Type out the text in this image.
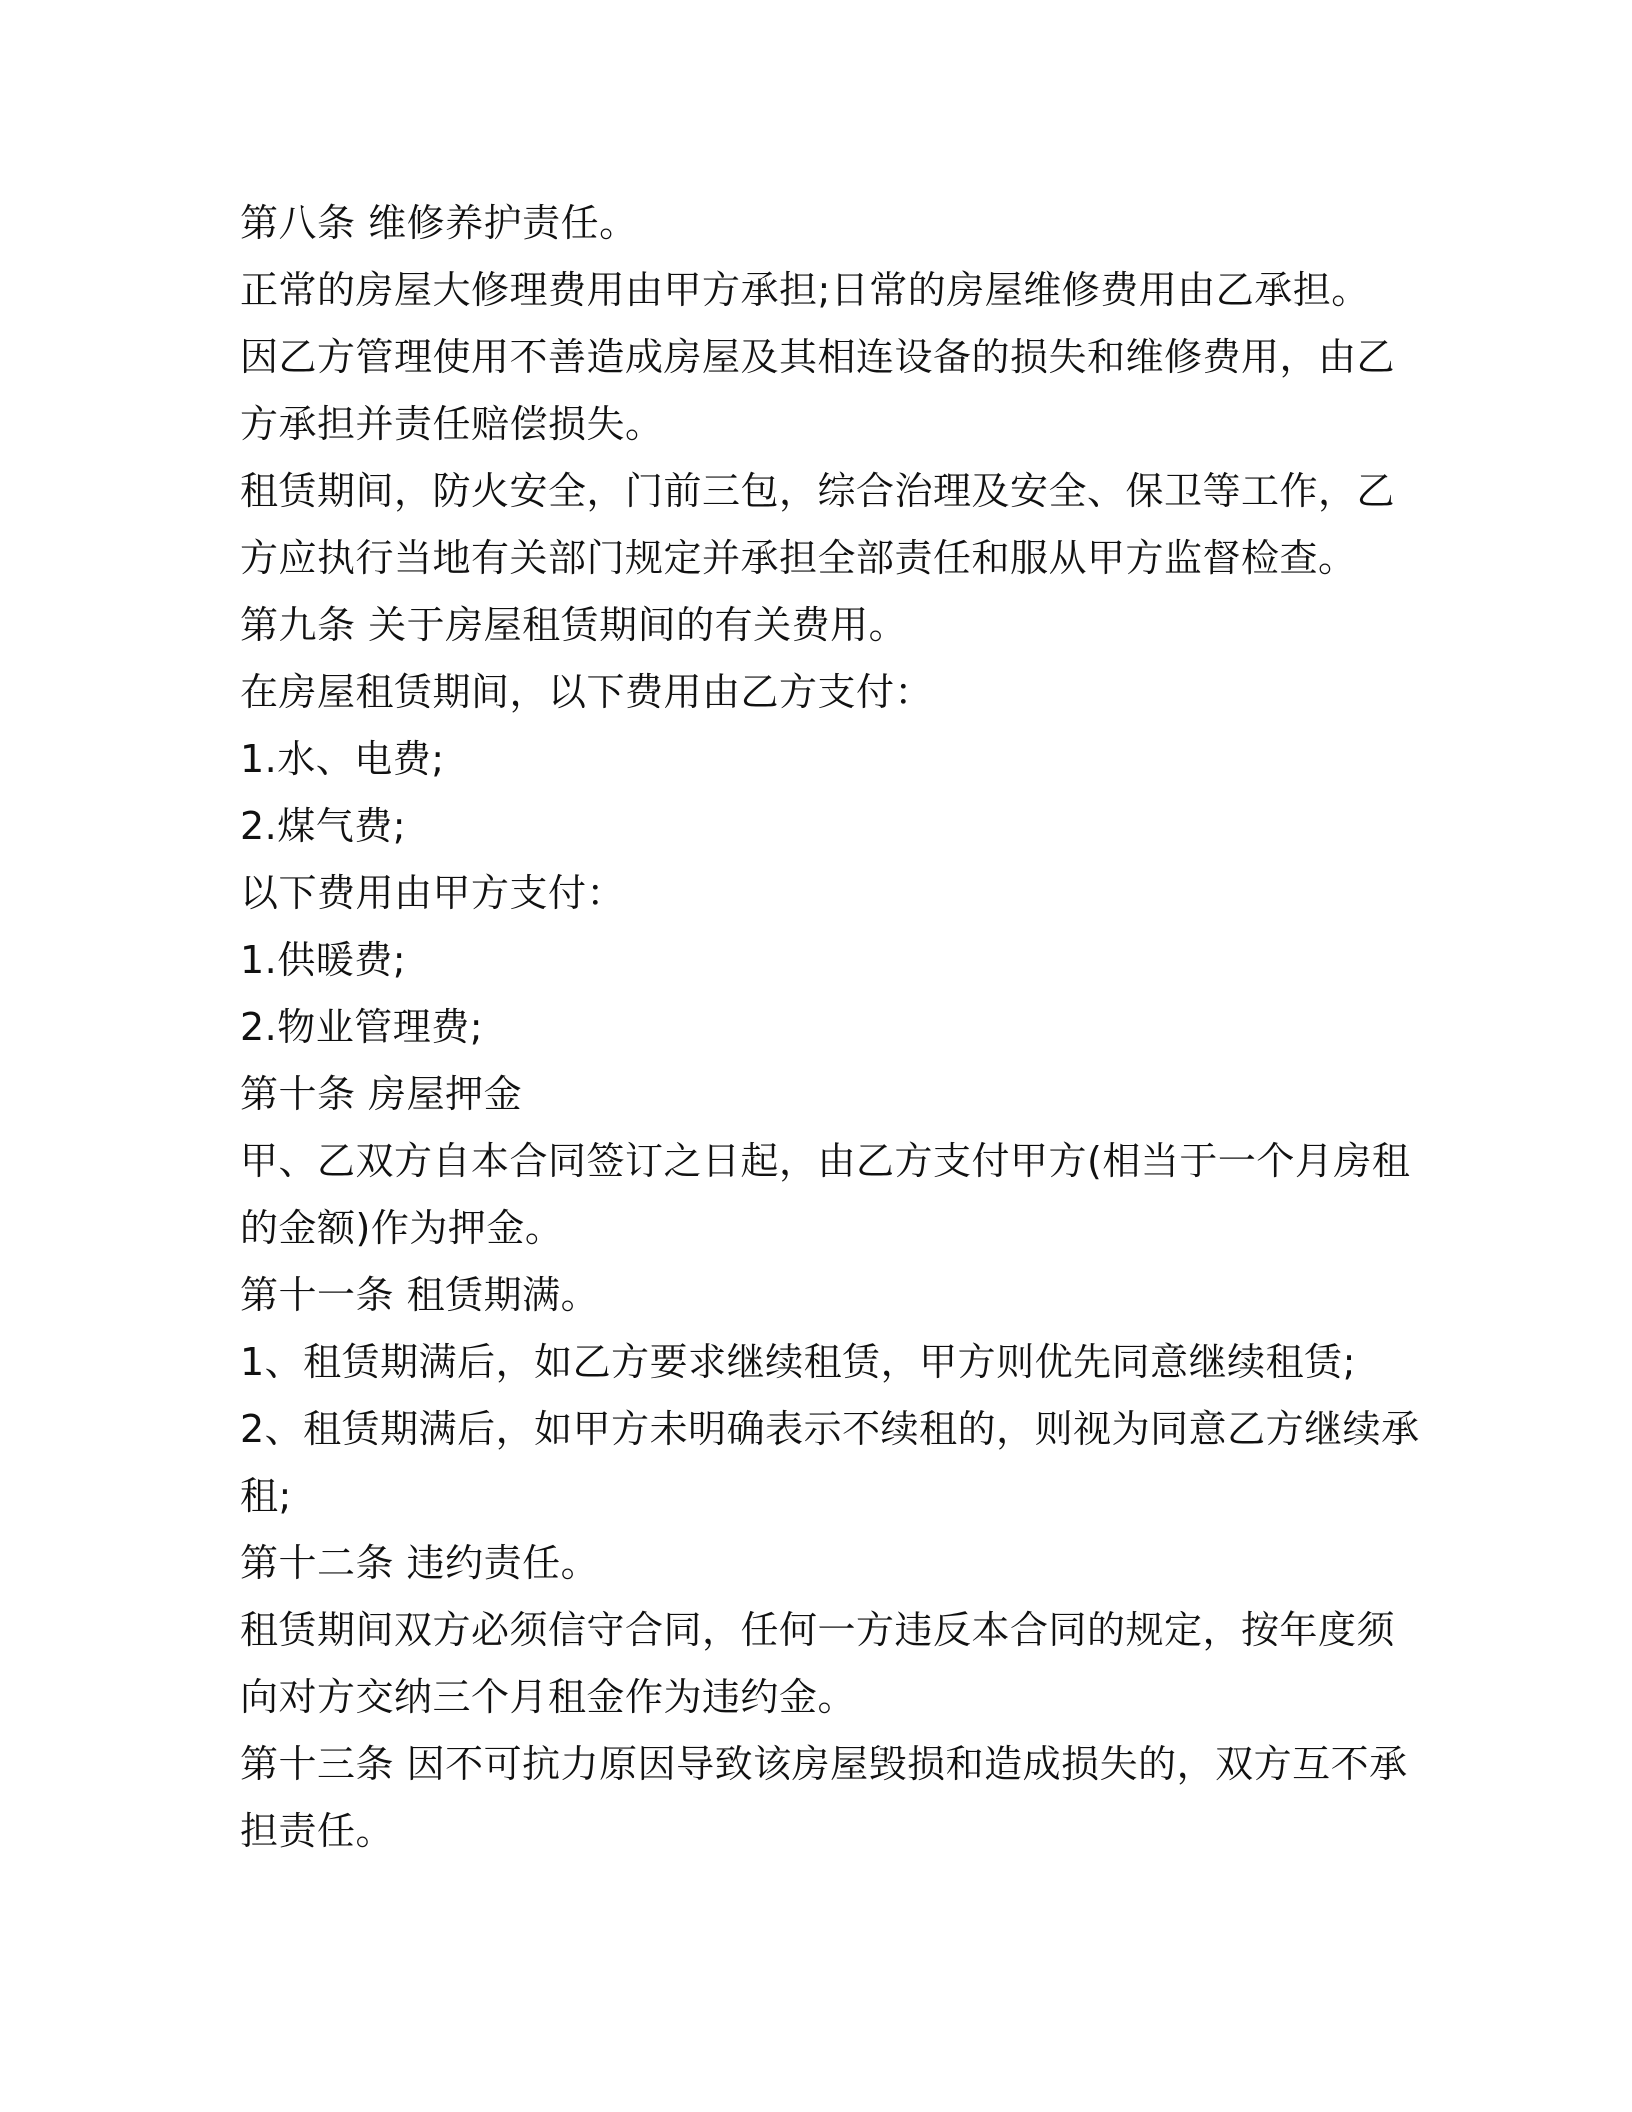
第八条 维修养护责任。
正常的房屋大修理费用由甲方承担;日常的房屋维修费用由乙承担。
因乙方管理使用不善造成房屋及其相连设备的损失和维修费用，由乙
方承担并责任赔偿损失。
租赁期间，防火安全，门前三包，综合治理及安全、保卫等工作，乙
方应执行当地有关部门规定并承担全部责任和服从甲方监督检查。
第九条 关于房屋租赁期间的有关费用。
在房屋租赁期间，以下费用由乙方支付：
1.水、电费;
2.煤气费;
以下费用由甲方支付：
1.供暖费;
2.物业管理费;
第十条 房屋押金
甲、乙双方自本合同签订之日起，由乙方支付甲方(相当于一个月房租
的金额)作为押金。
第十一条 租赁期满。
1、租赁期满后，如乙方要求继续租赁，甲方则优先同意继续租赁;
2、租赁期满后，如甲方未明确表示不续租的，则视为同意乙方继续承
租;
第十二条 违约责任。
租赁期间双方必须信守合同，任何一方违反本合同的规定，按年度须
向对方交纳三个月租金作为违约金。
第十三条 因不可抗力原因导致该房屋毁损和造成损失的，双方互不承
担责任。
